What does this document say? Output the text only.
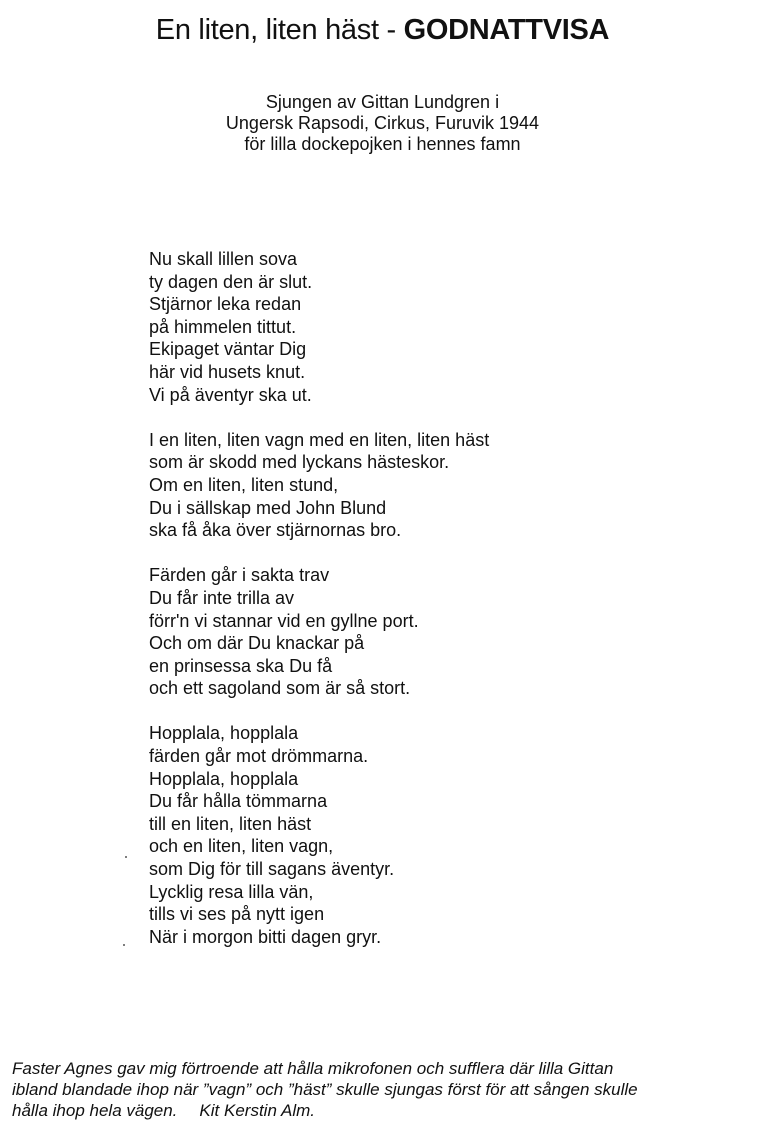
En liten, liten häst - GODNATTVISA
Sjungen av Gittan Lundgren i
Ungersk Rapsodi, Cirkus, Furuvik 1944
för lilla dockepojken i hennes famn
Nu skall lillen sova
ty dagen den är slut.
Stjärnor leka redan
på himmelen tittut.
Ekipaget väntar Dig
här vid husets knut.
Vi på äventyr ska ut.
I en liten, liten vagn med en liten, liten häst
som är skodd med lyckans hästeskor.
Om en liten, liten stund,
Du i sällskap med John Blund
ska få åka över stjärnornas bro.
Färden går i sakta trav
Du får inte trilla av
förr'n vi stannar vid en gyllne port.
Och om där Du knackar på
en prinsessa ska Du få
och ett sagoland som är så stort.
Hopplala, hopplala
färden går mot drömmarna.
Hopplala, hopplala
Du får hålla tömmarna
till en liten, liten häst
och en liten, liten vagn,
som Dig för till sagans äventyr.
Lycklig resa lilla vän,
tills vi ses på nytt igen
När i morgon bitti dagen gryr.
Faster Agnes gav mig förtroende att hålla mikrofonen och sufflera där lilla Gittan
ibland blandade ihop när ”vagn” och ”häst” skulle sjungas först för att sången skulle
hålla ihop hela vägen. Kit Kerstin Alm.
